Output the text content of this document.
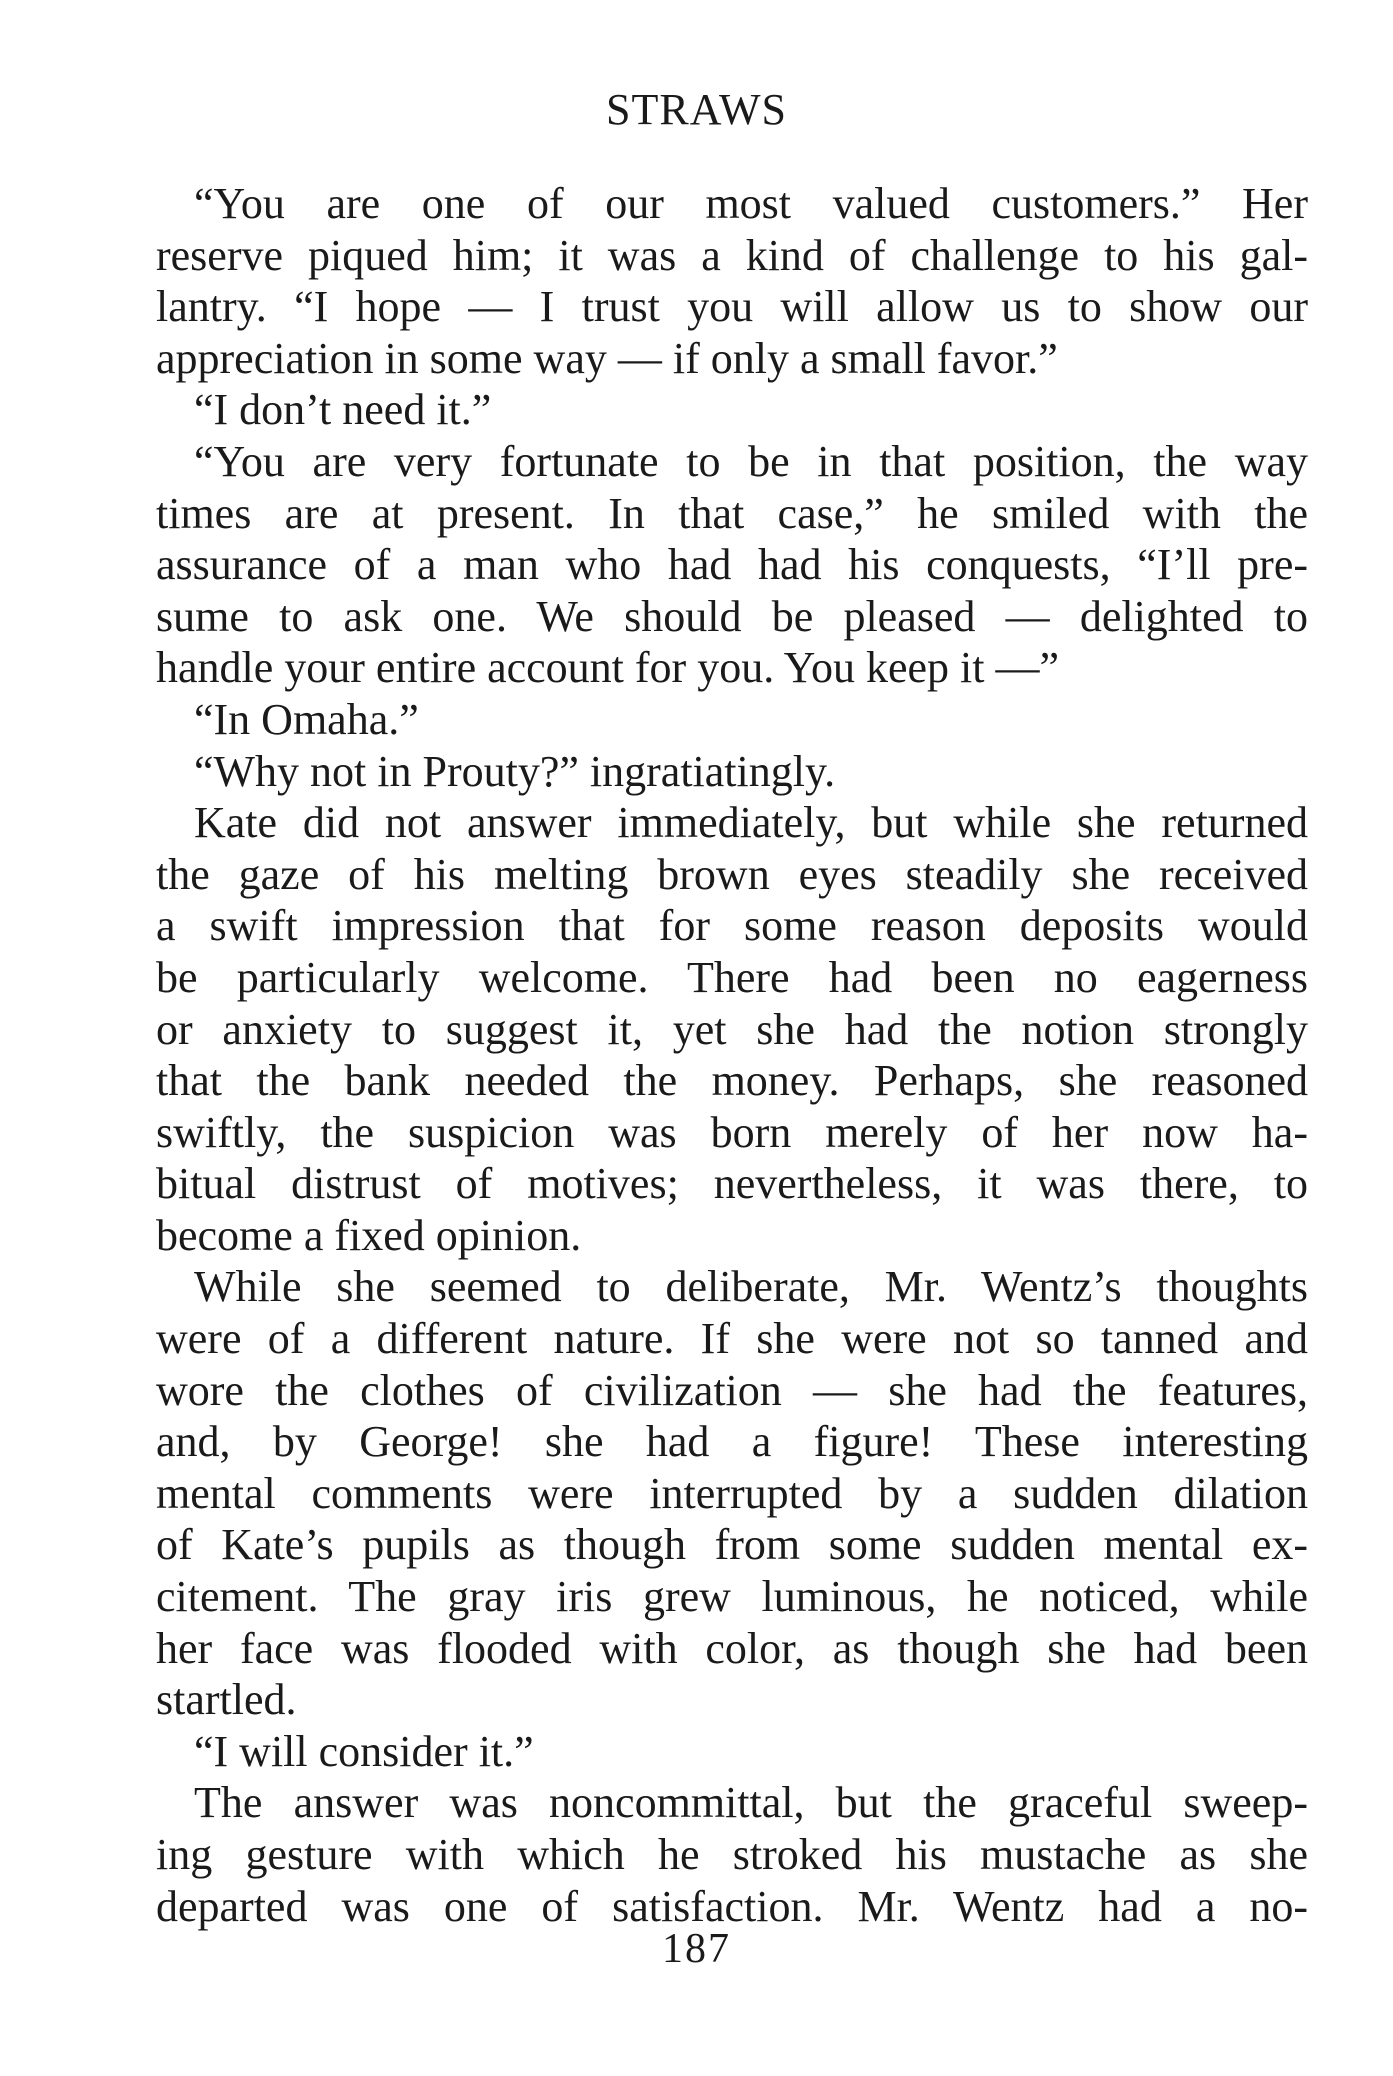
STRAWS
“You are one of our most valued customers.” Her
reserve piqued him; it was a kind of challenge to his gal-
lantry. “I hope — I trust you will allow us to show our
appreciation in some way — if only a small favor.”
“I don’t need it.”
“You are very fortunate to be in that position, the way
times are at present. In that case,” he smiled with the
assurance of a man who had had his conquests, “I’ll pre-
sume to ask one. We should be pleased — delighted to
handle your entire account for you. You keep it —”
“In Omaha.”
“Why not in Prouty?” ingratiatingly.
Kate did not answer immediately, but while she returned
the gaze of his melting brown eyes steadily she received
a swift impression that for some reason deposits would
be particularly welcome. There had been no eagerness
or anxiety to suggest it, yet she had the notion strongly
that the bank needed the money. Perhaps, she reasoned
swiftly, the suspicion was born merely of her now ha-
bitual distrust of motives; nevertheless, it was there, to
become a fixed opinion.
While she seemed to deliberate, Mr. Wentz’s thoughts
were of a different nature. If she were not so tanned and
wore the clothes of civilization — she had the features,
and, by George! she had a figure! These interesting
mental comments were interrupted by a sudden dilation
of Kate’s pupils as though from some sudden mental ex-
citement. The gray iris grew luminous, he noticed, while
her face was flooded with color, as though she had been
startled.
“I will consider it.”
The answer was noncommittal, but the graceful sweep-
ing gesture with which he stroked his mustache as she
departed was one of satisfaction. Mr. Wentz had a no-
187
